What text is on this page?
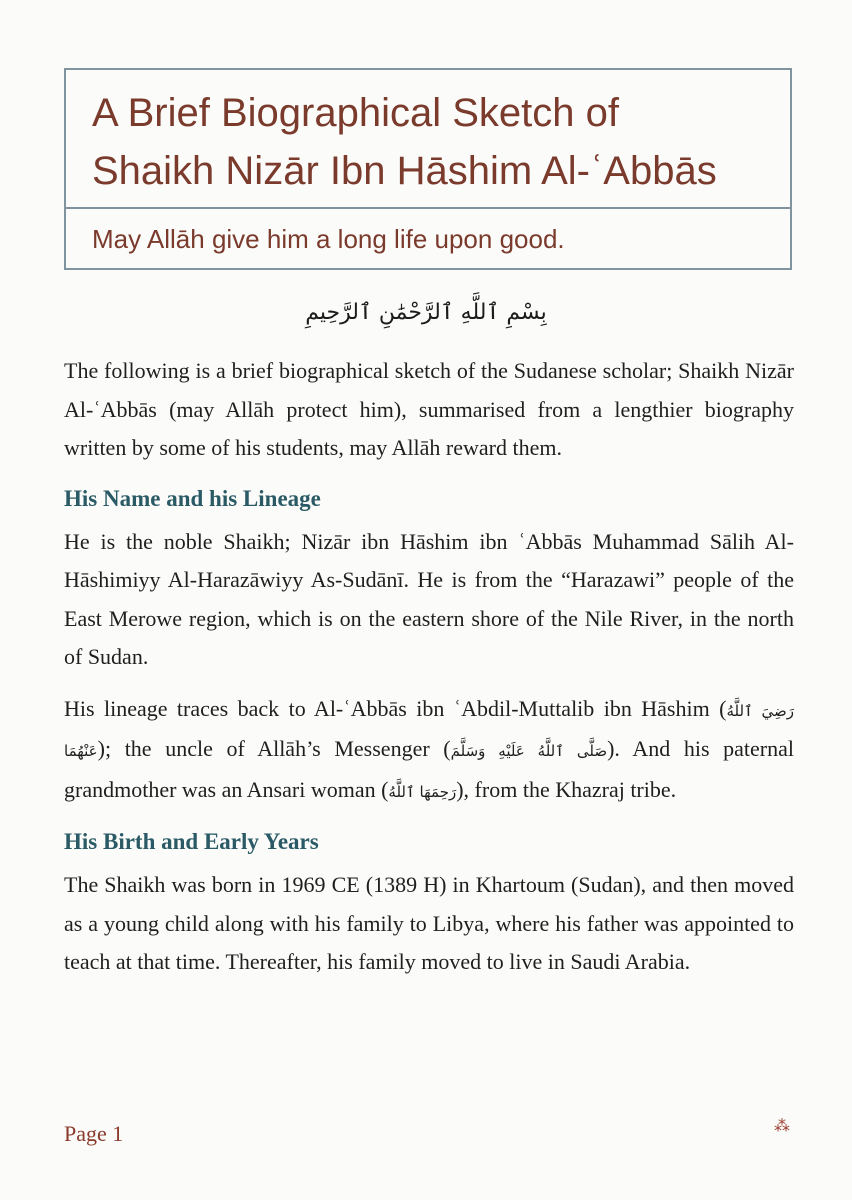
A Brief Biographical Sketch of
Shaikh Nizār Ibn Hāshim Al-ʿAbbās
May Allāh give him a long life upon good.
بِسْمِ ٱللَّهِ ٱلرَّحْمَٰنِ ٱلرَّحِيمِ

The following is a brief biographical sketch of the Sudanese scholar; Shaikh Nizār Al-ʿAbbās (may Allāh protect him), summarised from a lengthier biography written by some of his students, may Allāh reward them.

His Name and his Lineage

He is the noble Shaikh; Nizār ibn Hāshim ibn ʿAbbās Muhammad Sālih Al-Hāshimiyy Al-Harazāwiyy As-Sudānī. He is from the “Harazawi” people of the East Merowe region, which is on the eastern shore of the Nile River, in the north of Sudan.

His lineage traces back to Al-ʿAbbās ibn ʿAbdil-Muttalib ibn Hāshim (رَضِيَ ٱللَّهُ عَنْهُمَا); the uncle of Allāh’s Messenger (صَلَّى ٱللَّهُ عَلَيْهِ وَسَلَّمَ). And his paternal grandmother was an Ansari woman (رَحِمَهَا ٱللَّهُ), from the Khazraj tribe.

His Birth and Early Years

The Shaikh was born in 1969 CE (1389 H) in Khartoum (Sudan), and then moved as a young child along with his family to Libya, where his father was appointed to teach at that time. Thereafter, his family moved to live in Saudi Arabia.

Page 1	⁂
